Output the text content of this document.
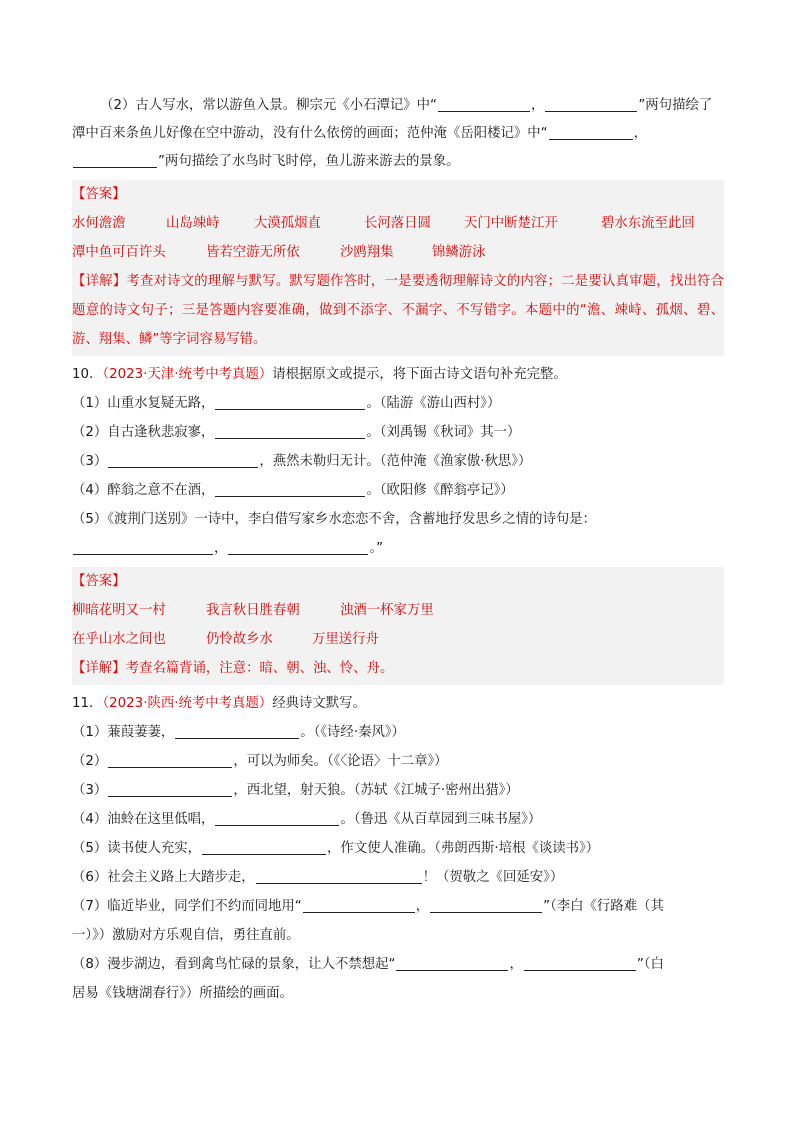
（2）古人写水，常以游鱼入景。柳宗元《小石潭记》中“	，	”两句描绘了

潭中百来条鱼儿好像在空中游动，没有什么依傍的画面；范仲淹《岳阳楼记》中“	，

”两句描绘了水鸟时飞时停，鱼儿游来游去的景象。

【答案】
水何澹澹	山岛竦峙	大漠孤烟直	长河落日圆	天门中断楚江开	碧水东流至此回
潭中鱼可百许头	皆若空游无所依	沙鸥翔集	锦鳞游泳

【详解】考查对诗文的理解与默写。默写题作答时，一是要透彻理解诗文的内容；二是要认真审题，找出符合题意的诗文句子；三是答题内容要准确，做到不添字、不漏字、不写错字。本题中的“澹、竦峙、孤烟、碧、游、翔集、鳞”等字词容易写错。

10．（2023·天津·统考中考真题）请根据原文或提示，将下面古诗文语句补充完整。

（1）山重水复疑无路，	。（陆游《游山西村》）

（2）自古逢秋悲寂寥，	。（刘禹锡《秋词》其一）

（3）	，燕然未勒归无计。（范仲淹《渔家傲·秋思》）

（4）醉翁之意不在酒，	。（欧阳修《醉翁亭记》）

（5）《渡荆门送别》一诗中，李白借写家乡水恋恋不舍，含蓄地抒发思乡之情的诗句是：

，	。”

【答案】
柳暗花明又一村	我言秋日胜春朝	浊酒一杯家万里
在乎山水之间也	仍怜故乡水	万里送行舟

【详解】考查名篇背诵，注意：暗、朝、浊、怜、舟。

11．（2023·陕西·统考中考真题）经典诗文默写。

（1）蒹葭萋萋，	。（《诗经·秦风》）

（2）	，可以为师矣。（《〈论语〉十二章》）

（3）	，西北望，射天狼。（苏轼《江城子·密州出猎》）

（4）油蛉在这里低唱，	。（鲁迅《从百草园到三味书屋》）

（5）读书使人充实，	，作文使人准确。（弗朗西斯·培根《谈读书》）

（6）社会主义路上大踏步走，	！（贺敬之《回延安》）

（7）临近毕业，同学们不约而同地用“	，	”（李白《行路难（其

一）》）激励对方乐观自信，勇往直前。

（8）漫步湖边，看到禽鸟忙碌的景象，让人不禁想起“	，	”（白

居易《钱塘湖春行》）所描绘的画面。
